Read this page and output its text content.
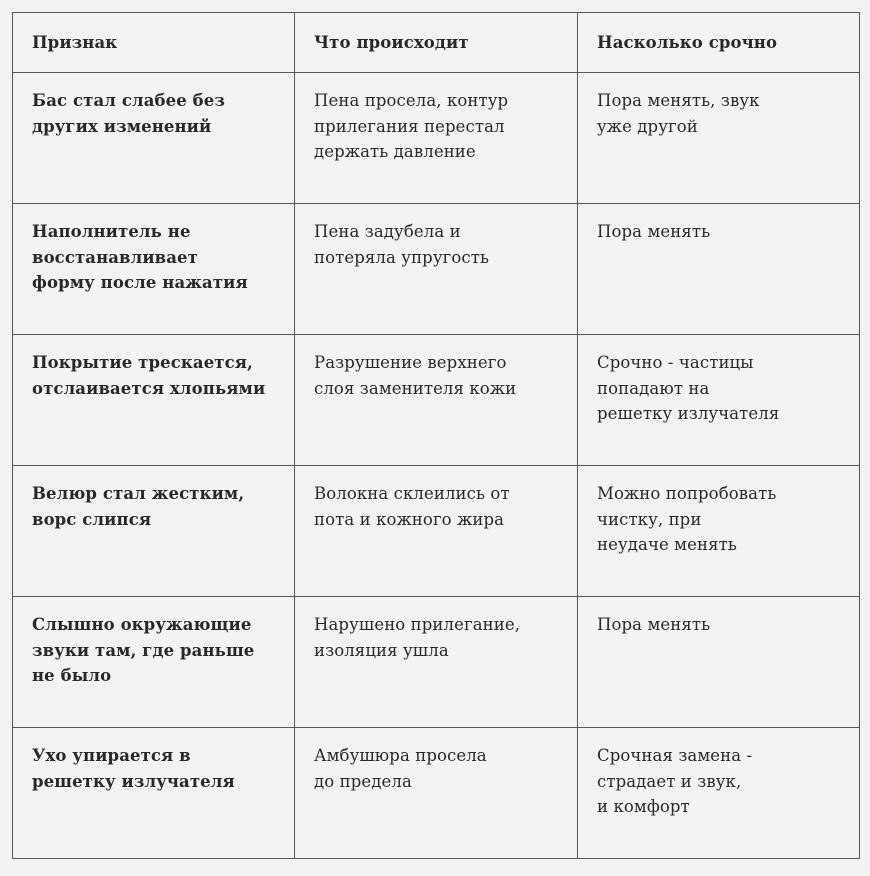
Признак	Что происходит	Насколько срочно

Бас стал слабее без
других изменений	Пена просела, контур
прилегания перестал
держать давление	Пора менять, звук
уже другой

Наполнитель не
восстанавливает
форму после нажатия	Пена задубела и
потеряла упругость	Пора менять

Покрытие трескается,
отслаивается хлопьями	Разрушение верхнего
слоя заменителя кожи	Срочно - частицы
попадают на
решетку излучателя

Велюр стал жестким,
ворс слипся	Волокна склеились от
пота и кожного жира	Можно попробовать
чистку, при
неудаче менять

Слышно окружающие
звуки там, где раньше
не было	Нарушено прилегание,
изоляция ушла	Пора менять

Ухо упирается в
решетку излучателя	Амбушюра просела
до предела	Срочная замена -
страдает и звук,
и комфорт
